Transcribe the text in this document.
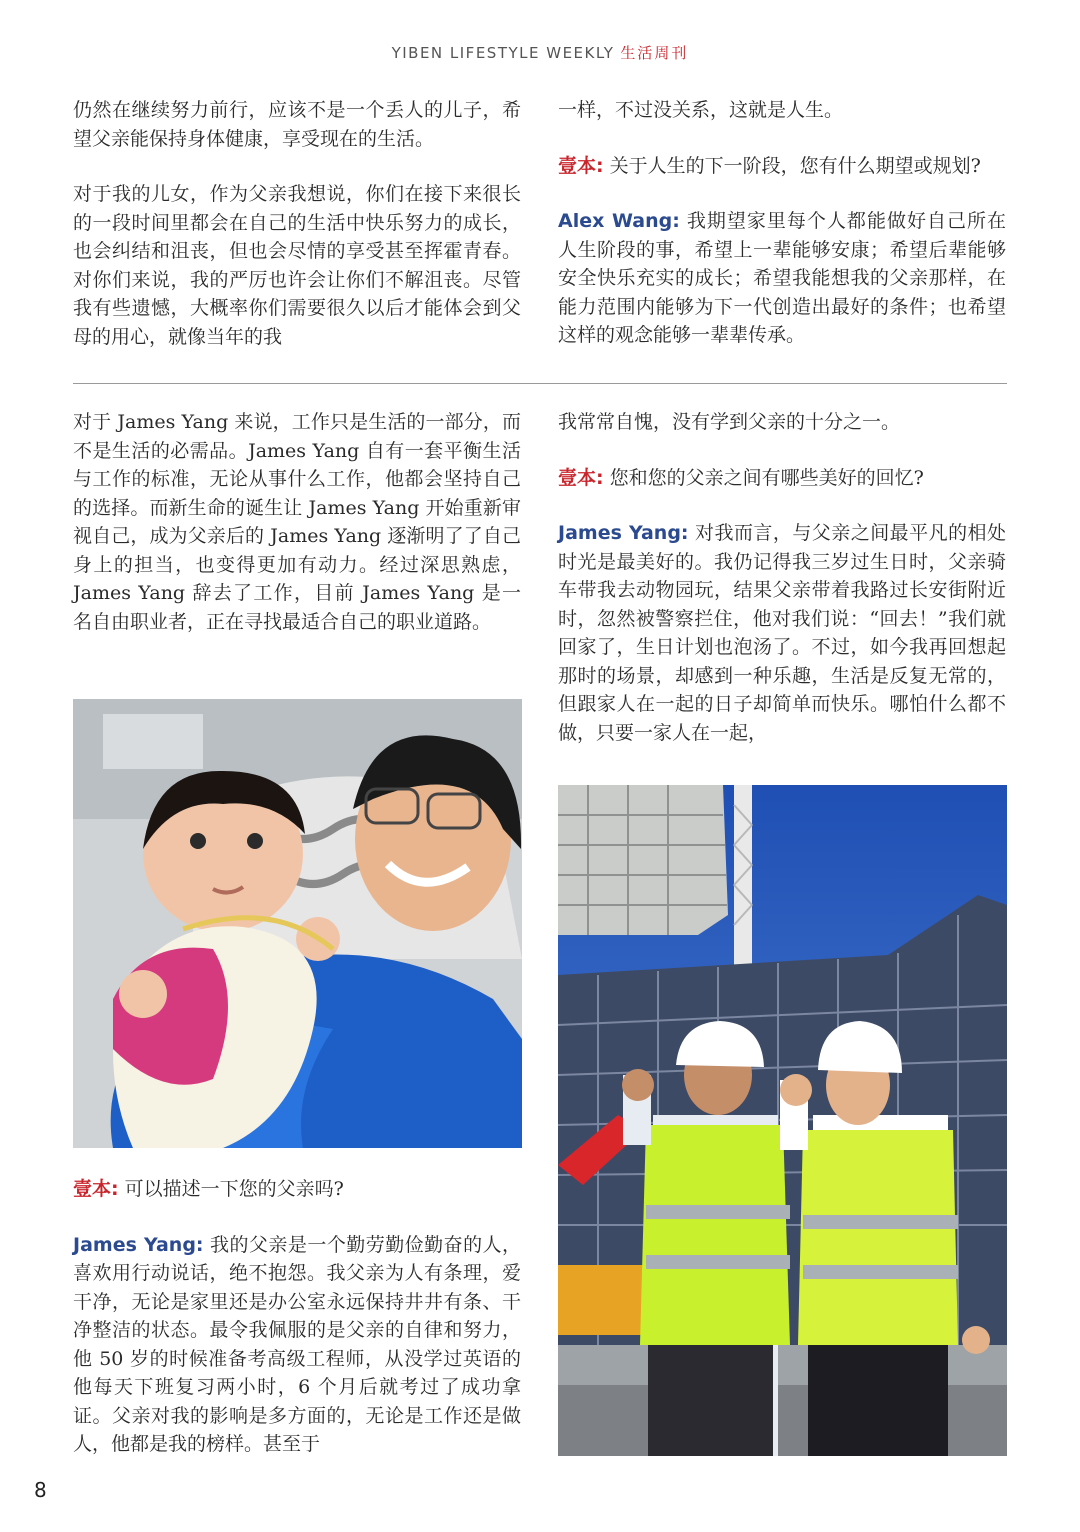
YIBEN LIFESTYLE WEEKLY 生活周刊

仍然在继续努力前行，应该不是一个丢人的儿子，希望父亲能保持身体健康，享受现在的生活。

对于我的儿女，作为父亲我想说，你们在接下来很长的一段时间里都会在自己的生活中快乐努力的成长，也会纠结和沮丧，但也会尽情的享受甚至挥霍青春。对你们来说，我的严厉也许会让你们不解沮丧。尽管我有些遗憾，大概率你们需要很久以后才能体会到父母的用心，就像当年的我

一样，不过没关系，这就是人生。

壹本: 关于人生的下一阶段，您有什么期望或规划?

Alex Wang: 我期望家里每个人都能做好自己所在人生阶段的事，希望上一辈能够安康；希望后辈能够安全快乐充实的成长；希望我能想我的父亲那样，在能力范围内能够为下一代创造出最好的条件；也希望这样的观念能够一辈辈传承。

对于 James Yang 来说，工作只是生活的一部分，而不是生活的必需品。James Yang 自有一套平衡生活与工作的标准，无论从事什么工作，他都会坚持自己的选择。而新生命的诞生让 James Yang 开始重新审视自己，成为父亲后的 James Yang 逐渐明了了自己身上的担当，也变得更加有动力。经过深思熟虑，James Yang 辞去了工作，目前 James Yang 是一名自由职业者，正在寻找最适合自己的职业道路。

壹本: 可以描述一下您的父亲吗?

James Yang: 我的父亲是一个勤劳勤俭勤奋的人，喜欢用行动说话，绝不抱怨。我父亲为人有条理，爱干净，无论是家里还是办公室永远保持井井有条、干净整洁的状态。最令我佩服的是父亲的自律和努力，他 50 岁的时候准备考高级工程师，从没学过英语的他每天下班复习两小时，6 个月后就考过了成功拿证。父亲对我的影响是多方面的，无论是工作还是做人，他都是我的榜样。甚至于

我常常自愧，没有学到父亲的十分之一。

壹本: 您和您的父亲之间有哪些美好的回忆?

James Yang: 对我而言，与父亲之间最平凡的相处时光是最美好的。我仍记得我三岁过生日时，父亲骑车带我去动物园玩，结果父亲带着我路过长安街附近时，忽然被警察拦住，他对我们说：“回去！”我们就回家了，生日计划也泡汤了。不过，如今我再回想起那时的场景，却感到一种乐趣，生活是反复无常的，但跟家人在一起的日子却简单而快乐。哪怕什么都不做，只要一家人在一起，

8
